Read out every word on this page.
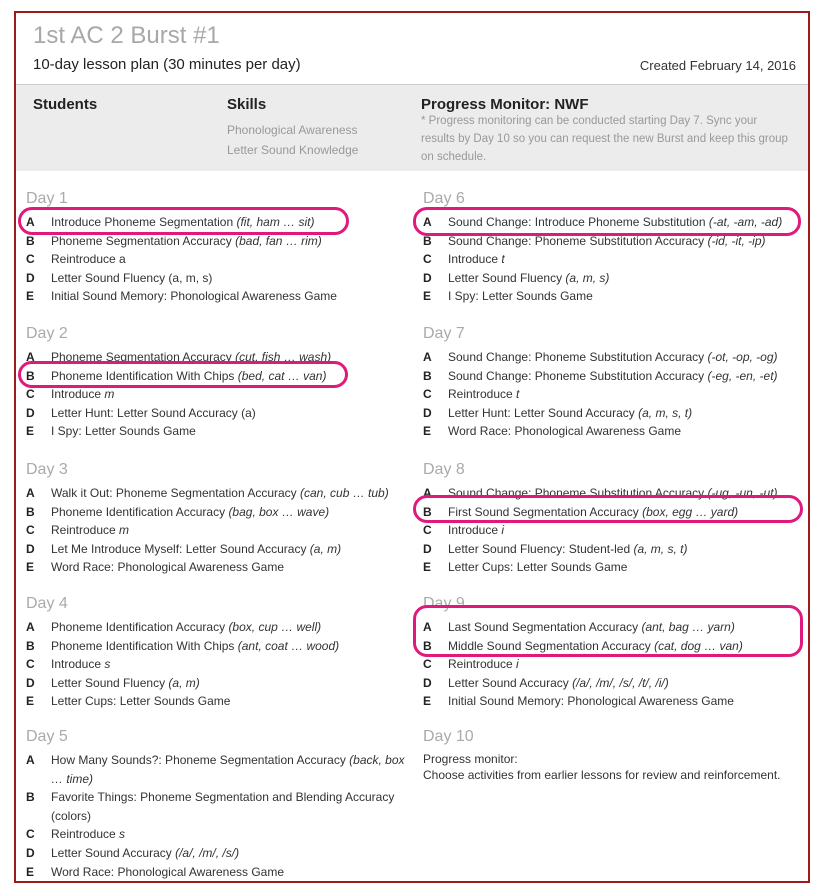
1st AC 2 Burst #1
10-day lesson plan (30 minutes per day)	Created February 14, 2016
Students	Skills
Phonological Awareness
Letter Sound Knowledge
Progress Monitor: NWF
* Progress monitoring can be conducted starting Day 7. Sync your results by Day 10 so you can request the new Burst and keep this group on schedule.
Day 1
A	Introduce Phoneme Segmentation (fit, ham … sit)
B	Phoneme Segmentation Accuracy (bad, fan … rim)
C	Reintroduce a
D	Letter Sound Fluency (a, m, s)
E	Initial Sound Memory: Phonological Awareness Game
Day 2
A	Phoneme Segmentation Accuracy (cut, fish … wash)
B	Phoneme Identification With Chips (bed, cat … van)
C	Introduce m
D	Letter Hunt: Letter Sound Accuracy (a)
E	I Spy: Letter Sounds Game
Day 3
A	Walk it Out: Phoneme Segmentation Accuracy (can, cub … tub)
B	Phoneme Identification Accuracy (bag, box … wave)
C	Reintroduce m
D	Let Me Introduce Myself: Letter Sound Accuracy (a, m)
E	Word Race: Phonological Awareness Game
Day 4
A	Phoneme Identification Accuracy (box, cup … well)
B	Phoneme Identification With Chips (ant, coat … wood)
C	Introduce s
D	Letter Sound Fluency (a, m)
E	Letter Cups: Letter Sounds Game
Day 5
A	How Many Sounds?: Phoneme Segmentation Accuracy (back, box … time)
B	Favorite Things: Phoneme Segmentation and Blending Accuracy (colors)
C	Reintroduce s
D	Letter Sound Accuracy (/a/, /m/, /s/)
E	Word Race: Phonological Awareness Game
Day 6
A	Sound Change: Introduce Phoneme Substitution (-at, -am, -ad)
B	Sound Change: Phoneme Substitution Accuracy (-id, -it, -ip)
C	Introduce t
D	Letter Sound Fluency (a, m, s)
E	I Spy: Letter Sounds Game
Day 7
A	Sound Change: Phoneme Substitution Accuracy (-ot, -op, -og)
B	Sound Change: Phoneme Substitution Accuracy (-eg, -en, -et)
C	Reintroduce t
D	Letter Hunt: Letter Sound Accuracy (a, m, s, t)
E	Word Race: Phonological Awareness Game
Day 8
A	Sound Change: Phoneme Substitution Accuracy (-ug, -un, -ut)
B	First Sound Segmentation Accuracy (box, egg … yard)
C	Introduce i
D	Letter Sound Fluency: Student-led (a, m, s, t)
E	Letter Cups: Letter Sounds Game
Day 9
A	Last Sound Segmentation Accuracy (ant, bag … yarn)
B	Middle Sound Segmentation Accuracy (cat, dog … van)
C	Reintroduce i
D	Letter Sound Accuracy (/a/, /m/, /s/, /t/, /i/)
E	Initial Sound Memory: Phonological Awareness Game
Day 10
Progress monitor:
Choose activities from earlier lessons for review and reinforcement.
